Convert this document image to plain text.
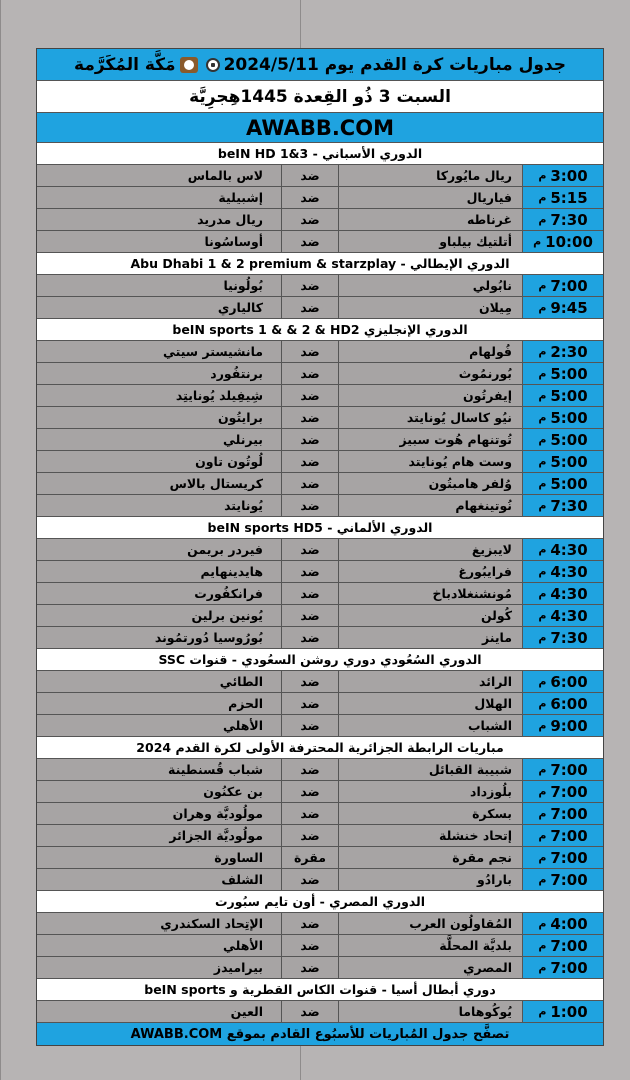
جدول مباريات كرة القدم يوم 2024/5/11
مَكَّة المُكَرَّمة
السبت 3 ذُو القِعدة 1445هِجرِيَّة
AWABB.COM
الدوري الأسباني - beIN HD 1&3
3:00
م
ريال مايُوركا
ضد
لاس بالماس
5:15
م
فياريال
ضد
إشبيلية
7:30
م
غرناطه
ضد
ريال مدريد
10:00
م
أتلتيك بيلباو
ضد
أوساسُونا
الدوري الإيطالي - Abu Dhabi 1 & 2 premium & starzplay
7:00
م
نابُولي
ضد
بُولُونيا
9:45
م
مِيلان
ضد
كالياري
الدوري الإنجليزي beIN sports 1 & & 2 & HD2
2:30
م
فُولهام
ضد
مانشيستر سيتي
5:00
م
بُورنمُوث
ضد
برنتفُورد
5:00
م
إيفرتُون
ضد
شِيفِيلد يُونايتِد
5:00
م
نيُو كاسال يُونايتد
ضد
برايتُون
5:00
م
تُوتنهام هُوت سبيز
ضد
بيرنلي
5:00
م
وست هام يُونايتد
ضد
لُوتُون تاون
5:00
م
وُلفر هامبتُون
ضد
كريستال بالاس
7:30
م
نُوتينغهام
ضد
يُونايتد
الدوري الألماني - beIN sports HD5
4:30
م
لايبزيغ
ضد
فيردر بريمن
4:30
م
فرايبُورغ
ضد
هايدينهايم
4:30
م
مُونشنغلادباخ
ضد
فرانكفُورت
4:30
م
كُولن
ضد
يُونين برلين
7:30
م
ماينز
ضد
بُورُوسيا دُورتمُوند
الدوري السُعُودي دوري روشن السعُودي - قنوات SSC
6:00
م
الرائد
ضد
الطائي
6:00
م
الهلال
ضد
الحزم
9:00
م
الشباب
ضد
الأهلي
مباريات الرابطة الجزائرية المحترفة الأولى لكرة القدم 2024
7:00
م
شبيبة القبائل
ضد
شباب قُسنطينة
7:00
م
بلُوزداد
ضد
بن عكنُون
7:00
م
بسكرة
ضد
مولُوديَّة وهران
7:00
م
إتحاد خنشلة
ضد
مولُوديَّة الجزائر
7:00
م
نجم مقرة
مقرة
الساورة
7:00
م
بارادُو
ضد
الشلف
الدوري المصري - أون تايم سبُورت
4:00
م
المُقاولُون العرب
ضد
الإتِحاد السكندري
7:00
م
بلديَّة المحلَّة
ضد
الأهلي
7:00
م
المصري
ضد
بيراميدز
دوري أبطال أسيا - قنوات الكاس القطرية و beIN sports
1:00
م
يُوكُوهاما
ضد
العين
تصفَّح جدول المُباريات للأسبُوع القادم بموقع AWABB.COM
